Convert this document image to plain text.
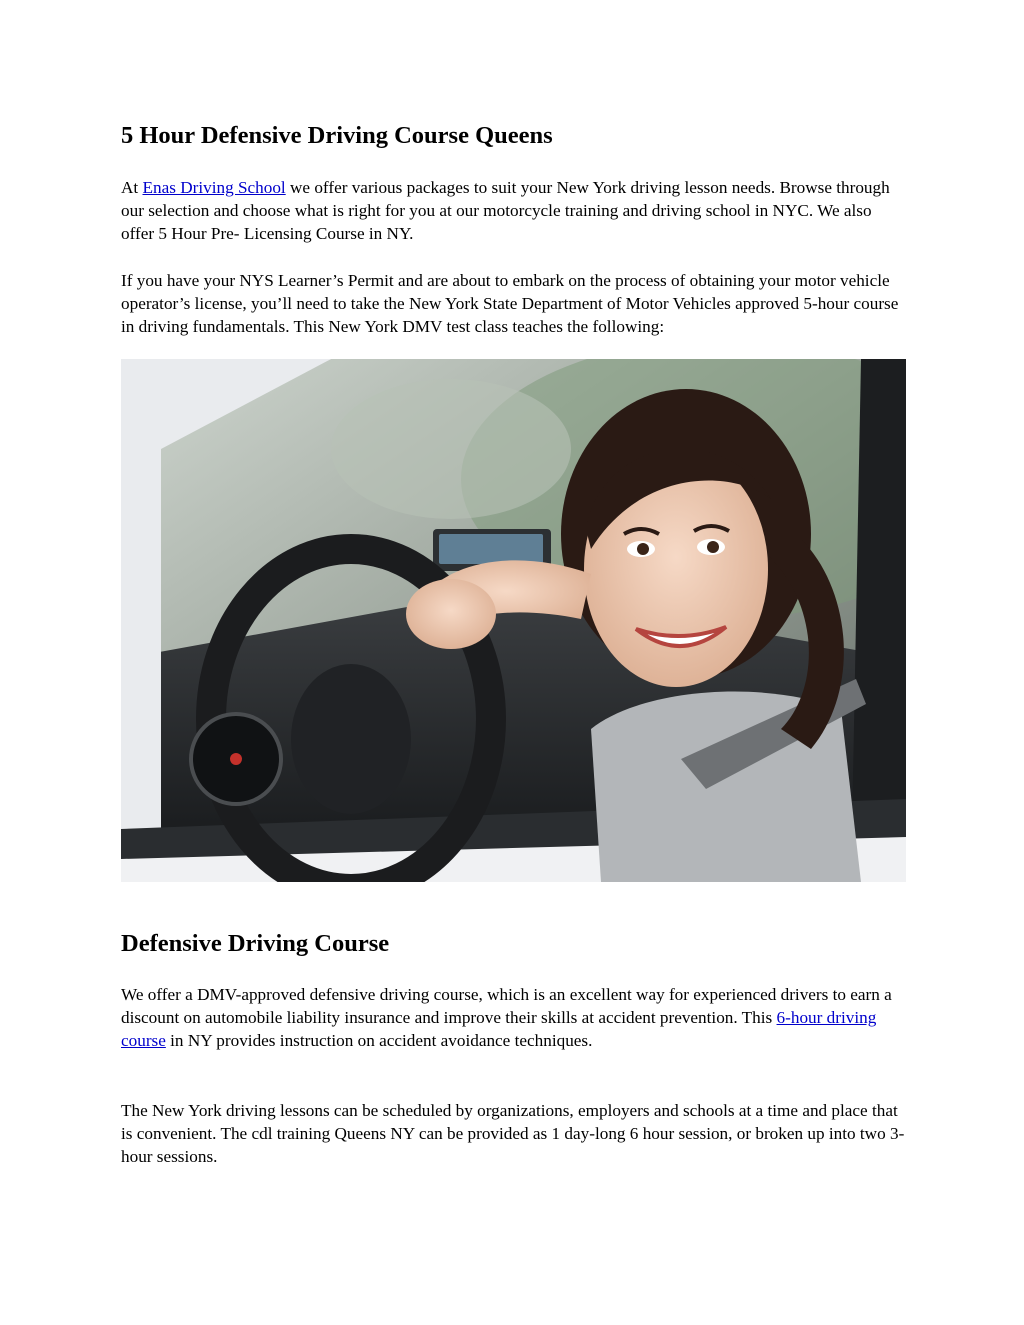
5 Hour Defensive Driving Course Queens

At Enas Driving School we offer various packages to suit your New York driving lesson needs. Browse through our selection and choose what is right for you at our motorcycle training and driving school in NYC. We also offer 5 Hour Pre- Licensing Course in NY.

If you have your NYS Learner’s Permit and are about to embark on the process of obtaining your motor vehicle operator’s license, you’ll need to take the New York State Department of Motor Vehicles approved 5-hour course in driving fundamentals. This New York DMV test class teaches the following:

Defensive Driving Course

We offer a DMV-approved defensive driving course, which is an excellent way for experienced drivers to earn a discount on automobile liability insurance and improve their skills at accident prevention. This 6-hour driving course in NY provides instruction on accident avoidance techniques.

The New York driving lessons can be scheduled by organizations, employers and schools at a time and place that is convenient. The cdl training Queens NY can be provided as 1 day-long 6 hour session, or broken up into two 3-hour sessions.
